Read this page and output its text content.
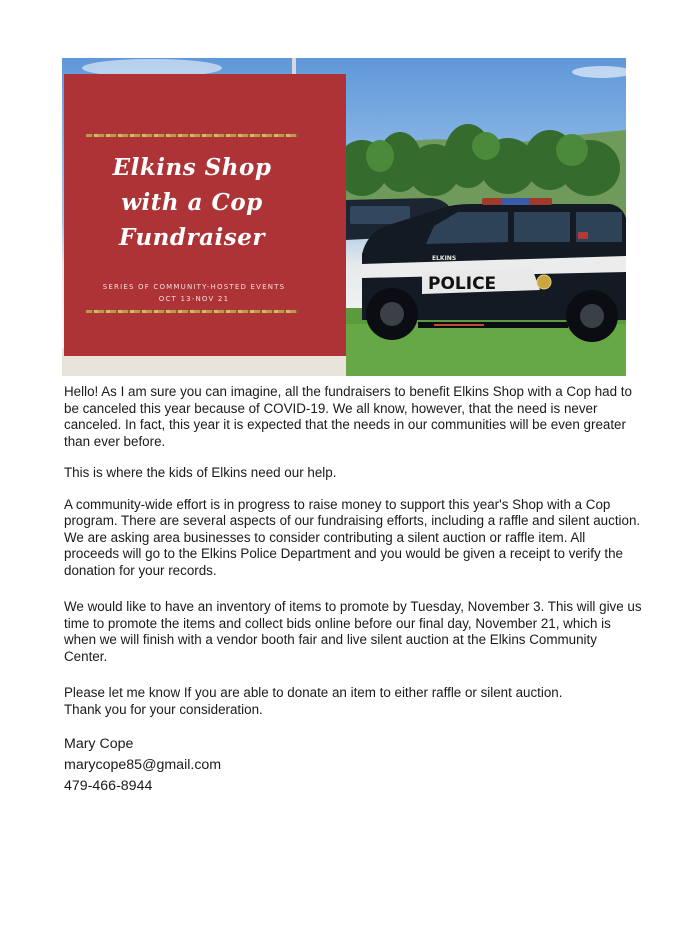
POLICE
ELKINS
Elkins Shop
with a Cop
Fundraiser
SERIES OF COMMUNITY-HOSTED EVENTS
OCT 13-NOV 21

Hello! As I am sure you can imagine, all the fundraisers to benefit Elkins Shop with a Cop had to be canceled this year because of COVID-19. We all know, however, that the need is never canceled. In fact, this year it is expected that the needs in our communities will be even greater than ever before.

This is where the kids of Elkins need our help.

A community-wide effort is in progress to raise money to support this year's Shop with a Cop program. There are several aspects of our fundraising efforts, including a raffle and silent auction. We are asking area businesses to consider contributing a silent auction or raffle item. All proceeds will go to the Elkins Police Department and you would be given a receipt to verify the donation for your records.

We would like to have an inventory of items to promote by Tuesday, November 3. This will give us time to promote the items and collect bids online before our final day, November 21, which is when we will finish with a vendor booth fair and live silent auction at the Elkins Community Center.

Please let me know If you are able to donate an item to either raffle or silent auction.

Thank you for your consideration.

Mary Cope

marycope85@gmail.com

479-466-8944
